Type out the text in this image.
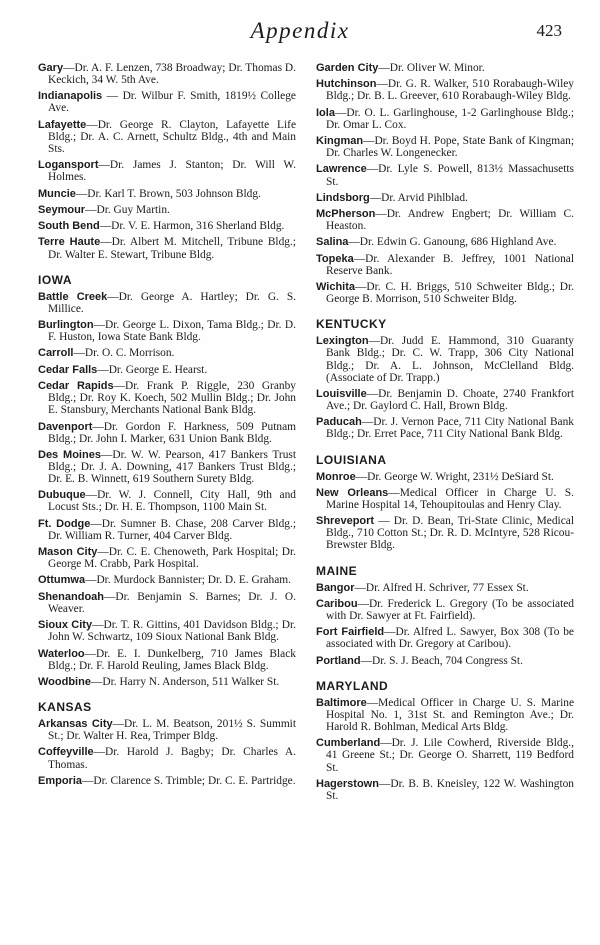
Appendix	423
Gary—Dr. A. F. Lenzen, 738 Broadway; Dr. Thomas D. Keckich, 34 W. 5th Ave.
Indianapolis — Dr. Wilbur F. Smith, 1819½ College Ave.
Lafayette—Dr. George R. Clayton, Lafayette Life Bldg.; Dr. A. C. Arnett, Schultz Bldg., 4th and Main Sts.
Logansport—Dr. James J. Stanton; Dr. Will W. Holmes.
Muncie—Dr. Karl T. Brown, 503 Johnson Bldg.
Seymour—Dr. Guy Martin.
South Bend—Dr. V. E. Harmon, 316 Sherland Bldg.
Terre Haute—Dr. Albert M. Mitchell, Tribune Bldg.; Dr. Walter E. Stewart, Tribune Bldg.
IOWA
Battle Creek—Dr. George A. Hartley; Dr. G. S. Millice.
Burlington—Dr. George L. Dixon, Tama Bldg.; Dr. D. F. Huston, Iowa State Bank Bldg.
Carroll—Dr. O. C. Morrison.
Cedar Falls—Dr. George E. Hearst.
Cedar Rapids—Dr. Frank P. Riggle, 230 Granby Bldg.; Dr. Roy K. Koech, 502 Mullin Bldg.; Dr. John E. Stansbury, Merchants National Bank Bldg.
Davenport—Dr. Gordon F. Harkness, 509 Putnam Bldg.; Dr. John I. Marker, 631 Union Bank Bldg.
Des Moines—Dr. W. W. Pearson, 417 Bankers Trust Bldg.; Dr. J. A. Downing, 417 Bankers Trust Bldg.; Dr. E. B. Winnett, 619 Southern Surety Bldg.
Dubuque—Dr. W. J. Connell, City Hall, 9th and Locust Sts.; Dr. H. E. Thompson, 1100 Main St.
Ft. Dodge—Dr. Sumner B. Chase, 208 Carver Bldg.; Dr. William R. Turner, 404 Carver Bldg.
Mason City—Dr. C. E. Chenoweth, Park Hospital; Dr. George M. Crabb, Park Hospital.
Ottumwa—Dr. Murdock Bannister; Dr. D. E. Graham.
Shenandoah—Dr. Benjamin S. Barnes; Dr. J. O. Weaver.
Sioux City—Dr. T. R. Gittins, 401 Davidson Bldg.; Dr. John W. Schwartz, 109 Sioux National Bank Bldg.
Waterloo—Dr. E. I. Dunkelberg, 710 James Black Bldg.; Dr. F. Harold Reuling, James Black Bldg.
Woodbine—Dr. Harry N. Anderson, 511 Walker St.
KANSAS
Arkansas City—Dr. L. M. Beatson, 201½ S. Summit St.; Dr. Walter H. Rea, Trimper Bldg.
Coffeyville—Dr. Harold J. Bagby; Dr. Charles A. Thomas.
Emporia—Dr. Clarence S. Trimble; Dr. C. E. Partridge.
Garden City—Dr. Oliver W. Minor.
Hutchinson—Dr. G. R. Walker, 510 Rorabaugh-Wiley Bldg.; Dr. B. L. Greever, 610 Rorabaugh-Wiley Bldg.
Iola—Dr. O. L. Garlinghouse, 1-2 Garlinghouse Bldg.; Dr. Omar L. Cox.
Kingman—Dr. Boyd H. Pope, State Bank of Kingman; Dr. Charles W. Longenecker.
Lawrence—Dr. Lyle S. Powell, 813½ Massachusetts St.
Lindsborg—Dr. Arvid Pihlblad.
McPherson—Dr. Andrew Engbert; Dr. William C. Heaston.
Salina—Dr. Edwin G. Ganoung, 686 Highland Ave.
Topeka—Dr. Alexander B. Jeffrey, 1001 National Reserve Bank.
Wichita—Dr. C. H. Briggs, 510 Schweiter Bldg.; Dr. George B. Morrison, 510 Schweiter Bldg.
KENTUCKY
Lexington—Dr. Judd E. Hammond, 310 Guaranty Bank Bldg.; Dr. C. W. Trapp, 306 City National Bldg.; Dr. A. L. Johnson, McClelland Bldg. (Associate of Dr. Trapp.)
Louisville—Dr. Benjamin D. Choate, 2740 Frankfort Ave.; Dr. Gaylord C. Hall, Brown Bldg.
Paducah—Dr. J. Vernon Pace, 711 City National Bank Bldg.; Dr. Erret Pace, 711 City National Bank Bldg.
LOUISIANA
Monroe—Dr. George W. Wright, 231½ DeSiard St.
New Orleans—Medical Officer in Charge U. S. Marine Hospital 14, Tehoupitoulas and Henry Clay.
Shreveport — Dr. D. Bean, Tri-State Clinic, Medical Bldg., 710 Cotton St.; Dr. R. D. McIntyre, 528 Ricou-Brewster Bldg.
MAINE
Bangor—Dr. Alfred H. Schriver, 77 Essex St.
Caribou—Dr. Frederick L. Gregory (To be associated with Dr. Sawyer at Ft. Fairfield).
Fort Fairfield—Dr. Alfred L. Sawyer, Box 308 (To be associated with Dr. Gregory at Caribou).
Portland—Dr. S. J. Beach, 704 Congress St.
MARYLAND
Baltimore—Medical Officer in Charge U. S. Marine Hospital No. 1, 31st St. and Remington Ave.; Dr. Harold R. Bohlman, Medical Arts Bldg.
Cumberland—Dr. J. Lile Cowherd, Riverside Bldg., 41 Greene St.; Dr. George O. Sharrett, 119 Bedford St.
Hagerstown—Dr. B. B. Kneisley, 122 W. Washington St.
